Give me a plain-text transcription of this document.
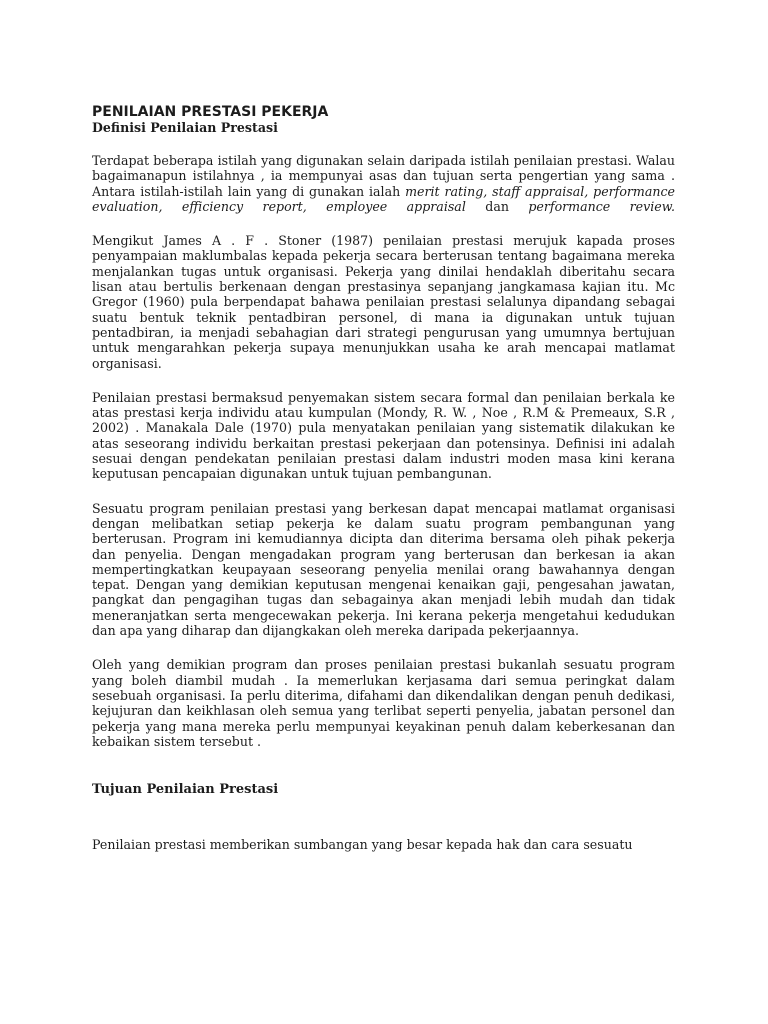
PENILAIAN PRESTASI PEKERJA
Definisi Penilaian Prestasi

Terdapat beberapa istilah yang digunakan selain daripada istilah penilaian prestasi. Walau bagaimanapun istilahnya , ia mempunyai asas dan tujuan serta pengertian yang sama . Antara istilah-istilah lain yang di gunakan ialah merit rating, staff appraisal, performance evaluation, efficiency report, employee appraisal dan performance review.

Mengikut James A . F . Stoner (1987) penilaian prestasi merujuk kapada proses penyampaian maklumbalas kepada pekerja secara berterusan tentang bagaimana mereka menjalankan tugas untuk organisasi. Pekerja yang dinilai hendaklah diberitahu secara lisan atau bertulis berkenaan dengan prestasinya sepanjang jangkamasa kajian itu. Mc Gregor (1960) pula berpendapat bahawa penilaian prestasi selalunya dipandang sebagai suatu bentuk teknik pentadbiran personel, di mana ia digunakan untuk tujuan pentadbiran, ia menjadi sebahagian dari strategi pengurusan yang umumnya bertujuan untuk mengarahkan pekerja supaya menunjukkan usaha ke arah mencapai matlamat organisasi.

Penilaian prestasi bermaksud penyemakan sistem secara formal dan penilaian berkala ke atas prestasi kerja individu atau kumpulan (Mondy, R. W. , Noe , R.M & Premeaux, S.R , 2002) . Manakala Dale (1970) pula menyatakan penilaian yang sistematik dilakukan ke atas seseorang individu berkaitan prestasi pekerjaan dan potensinya. Definisi ini adalah sesuai dengan pendekatan penilaian prestasi dalam industri moden masa kini kerana keputusan pencapaian digunakan untuk tujuan pembangunan.

Sesuatu program penilaian prestasi yang berkesan dapat mencapai matlamat organisasi dengan melibatkan setiap pekerja ke dalam suatu program pembangunan yang berterusan. Program ini kemudiannya dicipta dan diterima bersama oleh pihak pekerja dan penyelia. Dengan mengadakan program yang berterusan dan berkesan ia akan mempertingkatkan keupayaan seseorang penyelia menilai orang bawahannya dengan tepat. Dengan yang demikian keputusan mengenai kenaikan gaji, pengesahan jawatan, pangkat dan pengagihan tugas dan sebagainya akan menjadi lebih mudah dan tidak meneranjatkan serta mengecewakan pekerja. Ini kerana pekerja mengetahui kedudukan dan apa yang diharap dan dijangkakan oleh mereka daripada pekerjaannya.

Oleh yang demikian program dan proses penilaian prestasi bukanlah sesuatu program yang boleh diambil mudah . Ia memerlukan kerjasama dari semua peringkat dalam sesebuah organisasi. Ia perlu diterima, difahami dan dikendalikan dengan penuh dedikasi, kejujuran dan keikhlasan oleh semua yang terlibat seperti penyelia, jabatan personel dan pekerja yang mana mereka perlu mempunyai keyakinan penuh dalam keberkesanan dan kebaikan sistem tersebut .

Tujuan Penilaian Prestasi

Penilaian prestasi memberikan sumbangan yang besar kepada hak dan cara sesuatu
